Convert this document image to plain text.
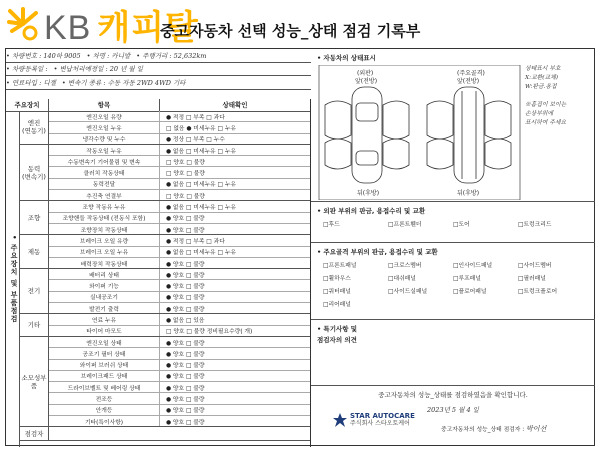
KB 캐피탈
중고자동차 선택 성능_상태 점검 기록부
• 차량번호 : 140하 9005 • 차명 : 카니발 • 주행거리 : 52,632km
• 차량등록일 : • 변납처리예정일 : 20 년 월 일
• 연료타입 : 디젤 • 변속기 종류 : 수동 자동 2WD 4WD 기타
주요장치	항목	상태확인
• 주요장치 및 부품점검
엔진
(연동기)
엔진오일 유량	● 적정 □ 부족 □ 과다
엔진오일 누유	□ 없음 ● 미세누유 □ 누유
냉각수량 및 누수	● 정상 □ 부족 □ 누수
동력
(변속기)
작동오일 누유	● 없음 □ 미세누유 □ 누유
수동변속기 기어물림 및 변속	□ 양호 □ 불량
클러치 작동상태	□ 양호 □ 불량
동력전달	● 없음 □ 미세누유 □ 누유
추진축 연결부	□ 양호 □ 불량
조향
조향 작동유 누유	● 없음 □ 미세누유 □ 누유
조향핸들 작동상태 (전동식 포함)	● 양호 □ 불량
조향장치 작동상태	● 양호 □ 불량
제동
브레이크 오일 유량	● 적정 □ 부족 □ 과다
브레이크 오일 누유	● 없음 □ 미세누유 □ 누유
배력장치 작동상태	● 양호 □ 불량
전기
배터리 상태	● 양호 □ 불량
와이퍼 기능	● 양호 □ 불량
실내공조기	● 양호 □ 불량
발전기 출력	● 양호 □ 불량
기타
연료 누유	● 없음 □ 있음
타이어 마모도	□ 양호 □ 불량 정비필요수량( 개)
소모성부품
엔진오일 상태	● 양호 □ 불량
공조기 필터 상태	● 양호 □ 불량
와이퍼 브러쉬 상태	● 양호 □ 불량
브레이크패드 상태	● 양호 □ 불량
드라이브벨트 및 베어링 상태	● 양호 □ 불량
전조등	● 양호 □ 불량
안개등	● 양호 □ 불량
기타(특이사항)	● 양호 □ 불량
점검자
• 자동차의 상태표시
(외판)
앞(전방)
(주요골격)
앞(전방)
뒤(후방)	뒤(후방)
상태표시 부호
X:교환(교체)
W:판금.용접

※흠집이 보이는
손상부위에
표시하여 주세요
• 외판 부위의 판금, 용접수리 및 교환
□후드	□프론트휀더	□도어	□트렁크리드
• 주요골격 부위의 판금, 용접수리 및 교환
□프론트패널	□크로스멤버	□인사이드패널	□사이드멤버
□휠하우스	□대쉬패널	□루프패널	□필러패널
□쿼터패널	□사이드실패널	□플로어패널	□트렁크플로어
□리어패널
• 특기사항 및
점검자의 의견
중고자동차의 성능_상태를 점검하였음을 확인합니다.
2023년 5 월 4 일
STAR AUTOCARE
주식회사 스타오토케어
중고자동차의 성능_상태 점검자 : 박이선
